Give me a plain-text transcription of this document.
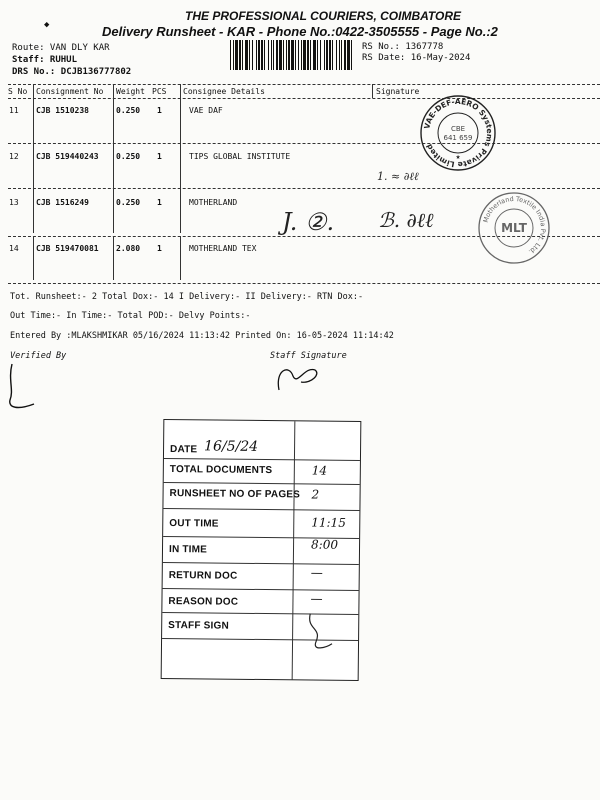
THE PROFESSIONAL COURIERS, COIMBATORE
Delivery Runsheet - KAR - Phone No.:0422-3505555 - Page No.:2
◆
Route: VAN DLY KAR
Staff: RUHUL
DRS No.: DCJB136777802
RS No.: 1367778
RS Date: 16-May-2024
S No Consignment No Weight PCS Consignee Details	Signature
11 CJB 1510238	0.250 1	VAE DAF
12 CJB 519440243 0.250 1	TIPS GLOBAL INSTITUTE
13 CJB 1516249	0.250 1	MOTHERLAND
14 CJB 519470081 2.080 1	MOTHERLAND TEX
VAE-DEF-AERO Systems Private Limited
CBE
641 659
★
Motherland Textile India Pvt. Ltd.
MLT
1. ≈ ∂ℓℓ
J. ②. ℬ. ∂ℓℓ
Tot. Runsheet:- 2 Total Dox:- 14 I Delivery:- II Delivery:- RTN Dox:-
Out Time:- In Time:- Total POD:- Delvy Points:-
Entered By :MLAKSHMIKAR 05/16/2024 11:13:42 Printed On: 16-05-2024 11:14:42
Verified By	Staff Signature
DATE 16/5/24
TOTAL DOCUMENTS	14
RUNSHEET NO OF PAGES 2
OUT TIME	11:15
IN TIME	8:00
RETURN DOC	—
REASON DOC	—
STAFF SIGN
